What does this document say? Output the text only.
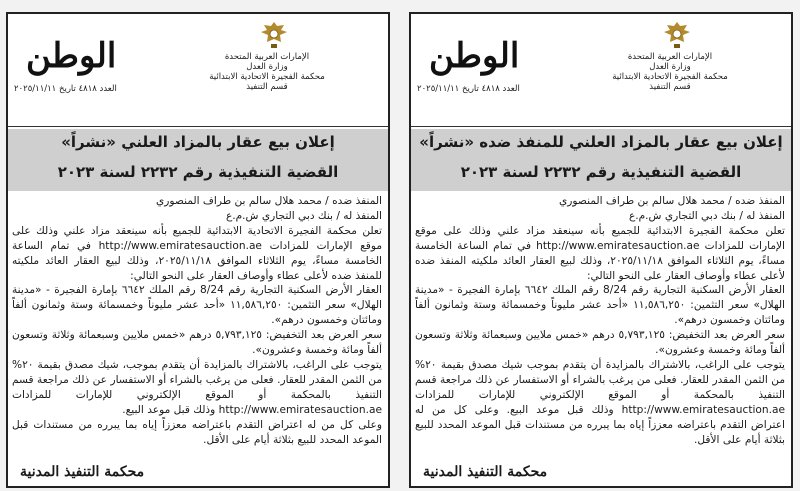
الإمارات العربية المتحدة
وزارة العدل
محكمة الفجيرة الاتحادية الابتدائية
قسم التنفيذ
الوطن
العدد ٤٨١٨ تاريخ ٢٠٢٥/١١/١١
إعلان بيع عقار بالمزاد العلني «نشراً»
القضية التنفيذية رقم ٢٢٣٢ لسنة ٢٠٢٣

المنفذ ضده / محمد هلال سالم بن طراف المنصوري

المنفذ له / بنك دبي التجاري ش.م.ع

تعلن محكمة الفجيرة الاتحادية الابتدائية للجميع بأنه سينعقد مزاد علني وذلك على موقع الإمارات للمزادات http://www.emiratesauction.ae في تمام الساعة الخامسة مساءً، يوم الثلاثاء الموافق ٢٠٢٥/١١/١٨، وذلك لبيع العقار العائد ملكيته للمنفذ ضده لأعلى عطاء وأوصاف العقار على النحو التالي:

العقار الأرض السكنية التجارية رقم 8/24 رقم الملك ٦٦٤٢ بإمارة الفجيرة - «مدينة الهلال» سعر التثمين: ١١,٥٨٦,٢٥٠ «أحد عشر مليوناً وخمسمائة وستة وثمانون ألفاً ومائتان وخمسون درهم».

سعر العرض بعد التخفيض: ٥,٧٩٣,١٢٥ درهم «خمس ملايين وسبعمائة وثلاثة وتسعون ألفاً ومائة وخمسة وعشرون».

يتوجب على الراغب، بالاشتراك بالمزايدة أن يتقدم بموجب، شيك مصدق بقيمة ٢٠% من الثمن المقدر للعقار. فعلى من يرغب بالشراء أو الاستفسار عن ذلك مراجعة قسم التنفيذ بالمحكمة أو الموقع الإلكتروني للإمارات للمزادات http://www.emiratesauction.ae وذلك قبل موعد البيع.

وعلى كل من له اعتراض التقدم باعتراضه معززاً إياه بما يبرره من مستندات قبل الموعد المحدد للبيع بثلاثة أيام على الأقل.

محكمة التنفيذ المدنية
الإمارات العربية المتحدة
وزارة العدل
محكمة الفجيرة الاتحادية الابتدائية
قسم التنفيذ
الوطن
العدد ٤٨١٨ تاريخ ٢٠٢٥/١١/١١
إعلان بيع عقار بالمزاد العلني للمنفذ ضده «نشراً»
القضية التنفيذية رقم ٢٢٣٢ لسنة ٢٠٢٣

المنفذ ضده / محمد هلال سالم بن طراف المنصوري

المنفذ له / بنك دبي التجاري ش.م.ع

تعلن محكمة الفجيرة الابتدائية للجميع بأنه سينعقد مزاد علني وذلك على موقع الإمارات للمزادات http://www.emiratesauction.ae في تمام الساعة الخامسة مساءً، يوم الثلاثاء الموافق ٢٠٢٥/١١/١٨، وذلك لبيع العقار العائد ملكيته المنفذ ضده لأعلى عطاء وأوصاف العقار على النحو التالي:

العقار الأرض السكنية التجارية رقم 8/24 رقم الملك ٦٦٤٢ بإمارة الفجيرة - «مدينة الهلال» سعر التثمين: ١١,٥٨٦,٢٥٠ «أحد عشر مليوناً وخمسمائة وستة وثمانون ألفاً ومائتان وخمسون درهم».

سعر العرض بعد التخفيض: ٥,٧٩٣,١٢٥ درهم «خمس ملايين وسبعمائة وثلاثة وتسعون ألفاً ومائة وخمسة وعشرون».

يتوجب على الراغب، بالاشتراك بالمزايدة أن يتقدم بموجب شيك مصدق بقيمة ٢٠% من الثمن المقدر للعقار. فعلى من يرغب بالشراء أو الاستفسار عن ذلك مراجعة قسم التنفيذ بالمحكمة أو الموقع الإلكتروني للإمارات للمزادات http://www.emiratesauction.ae وذلك قبل موعد البيع. وعلى كل من له اعتراض التقدم باعتراضه معززاً إياه بما يبرره من مستندات قبل الموعد المحدد للبيع بثلاثة أيام على الأقل.

محكمة التنفيذ المدنية
